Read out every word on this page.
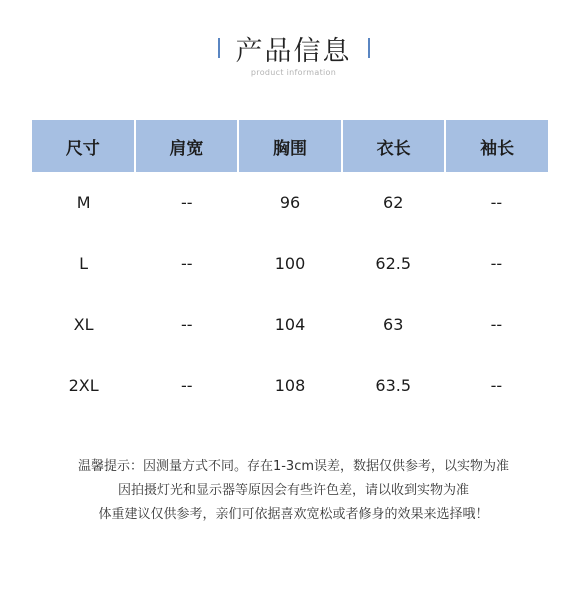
产品信息
product information
尺寸	肩宽	胸围	衣长	袖长
M	--	96	62	--
L	--	100	62.5	--
XL	--	104	63	--
2XL	--	108	63.5	--
温馨提示：因测量方式不同。存在1-3cm误差，数据仅供参考，以实物为准
因拍摄灯光和显示器等原因会有些许色差，请以收到实物为准
体重建议仅供参考，亲们可依据喜欢宽松或者修身的效果来选择哦！
